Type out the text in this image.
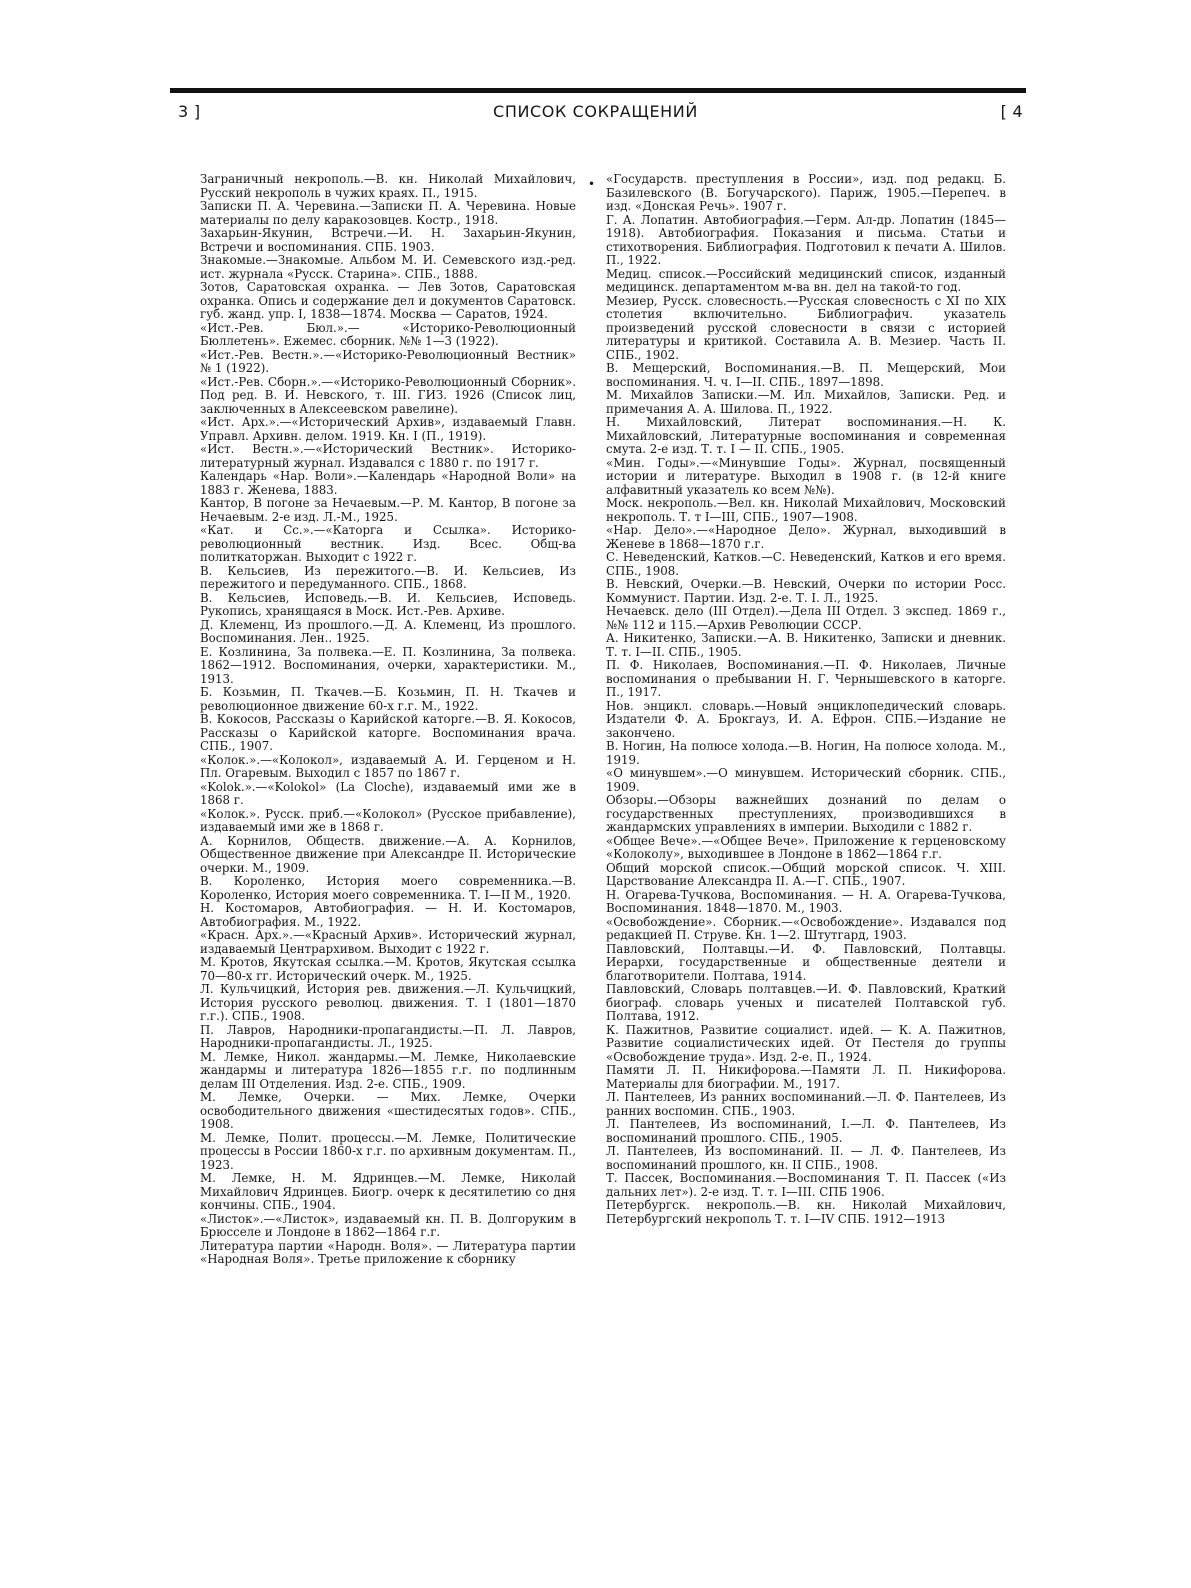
3 ]	СПИСОК СОКРАЩЕНИЙ	[ 4

Заграничный некрополь.—В. кн. Николай Михайлович, Русский некрополь в чужих краях. П., 1915.

Записки П. А. Черевина.—Записки П. А. Черевина. Новые материалы по делу каракозовцев. Костр., 1918.

Захарьин-Якунин, Встречи.—И. Н. Захарьин-Якунин, Встречи и воспоминания. СПБ. 1903.

Знакомые.—Знакомые. Альбом М. И. Семевского изд.-ред. ист. журнала «Русск. Старина». СПБ., 1888.

Зотов, Саратовская охранка. — Лев Зотов, Саратовская охранка. Опись и содержание дел и документов Саратовск. губ. жанд. упр. I, 1838—1874. Москва — Саратов, 1924.

«Ист.-Рев. Бюл.».— «Историко-Революционный Бюллетень». Ежемес. сборник. №№ 1—3 (1922).

«Ист.-Рев. Вестн.».—«Историко-Революционный Вестник» № 1 (1922).

«Ист.-Рев. Сборн.».—«Историко-Революционный Сборник». Под ред. В. И. Невского, т. III. ГИЗ. 1926 (Список лиц, заключенных в Алексеевском равелине).

«Ист. Арх.».—«Исторический Архив», издаваемый Главн. Управл. Архивн. делом. 1919. Кн. I (П., 1919).

«Ист. Вестн.».—«Исторический Вестник». Историко-литературный журнал. Издавался с 1880 г. по 1917 г.

Календарь «Нар. Воли».—Календарь «Народной Воли» на 1883 г. Женева, 1883.

Кантор, В погоне за Нечаевым.—Р. М. Кантор, В погоне за Нечаевым. 2-е изд. Л.-М., 1925.

«Кат. и Сс.».—«Каторга и Ссылка». Историко-революционный вестник. Изд. Всес. Общ-ва политкаторжан. Выходит с 1922 г.

В. Кельсиев, Из пережитого.—В. И. Кельсиев, Из пережитого и передуманного. СПБ., 1868.

В. Кельсиев, Исповедь.—В. И. Кельсиев, Исповедь. Рукопись, хранящаяся в Моск. Ист.-Рев. Архиве.

Д. Клеменц, Из прошлого.—Д. А. Клеменц, Из прошлого. Воспоминания. Лен.. 1925.

Е. Козлинина, За полвека.—Е. П. Козлинина, За полвека. 1862—1912. Воспоминания, очерки, характеристики. М., 1913.

Б. Козьмин, П. Ткачев.—Б. Козьмин, П. Н. Ткачев и революционное движение 60-х г.г. М., 1922.

В. Кокосов, Рассказы о Карийской каторге.—В. Я. Кокосов, Рассказы о Карийской каторге. Воспоминания врача. СПБ., 1907.

«Колок.».—«Колокол», издаваемый А. И. Герценом и Н. Пл. Огаревым. Выходил с 1857 по 1867 г.

«Kolok.».—«Kolokol» (La Cloche), издаваемый ими же в 1868 г.

«Колок.». Русск. приб.—«Колокол» (Русское прибавление), издаваемый ими же в 1868 г.

А. Корнилов, Обществ. движение.—А. А. Корнилов, Общественное движение при Александре II. Исторические очерки. М., 1909.

В. Короленко, История моего современника.—В. Короленко, История моего современника. Т. I—II М., 1920.

Н. Костомаров, Автобиография. — Н. И. Костомаров, Автобиография. М., 1922.

«Красн. Арх.».—«Красный Архив». Исторический журнал, издаваемый Центрархивом. Выходит с 1922 г.

М. Кротов, Якутская ссылка.—М. Кротов, Якутская ссылка 70—80-х гг. Исторический очерк. М., 1925.

Л. Кульчицкий, История рев. движения.—Л. Кульчицкий, История русского революц. движения. Т. I (1801—1870 г.г.). СПБ., 1908.

П. Лавров, Народники-пропагандисты.—П. Л. Лавров, Народники-пропагандисты. Л., 1925.

М. Лемке, Никол. жандармы.—М. Лемке, Николаевские жандармы и литература 1826—1855 г.г. по подлинным делам III Отделения. Изд. 2-е. СПБ., 1909.

М. Лемке, Очерки. — Мих. Лемке, Очерки освободительного движения «шестидесятых годов». СПБ., 1908.

М. Лемке, Полит. процессы.—М. Лемке, Политические процессы в России 1860-х г.г. по архивным документам. П., 1923.

М. Лемке, Н. М. Ядринцев.—М. Лемке, Николай Михайлович Ядринцев. Биогр. очерк к десятилетию со дня кончины. СПБ., 1904.

«Листок».—«Листок», издаваемый кн. П. В. Долгоруким в Брюсселе и Лондоне в 1862—1864 г.г.

Литература партии «Народн. Воля». — Литература партии «Народная Воля». Третье приложение к сборнику

• «Государств. преступления в России», изд. под редакц. Б. Базилевского (В. Богучарского). Париж, 1905.—Перепеч. в изд. «Донская Речь». 1907 г.

Г. А. Лопатин. Автобиография.—Герм. Ал-др. Лопатин (1845—1918). Автобиография. Показания и письма. Статьи и стихотворения. Библиография. Подготовил к печати А. Шилов. П., 1922.

Медиц. список.—Российский медицинский список, изданный медицинск. департаментом м-ва вн. дел на такой-то год.

Мезиер, Русск. словесность.—Русская словесность с XI по XIX столетия включительно. Библиографич. указатель произведений русской словесности в связи с историей литературы и критикой. Составила А. В. Мезиер. Часть II. СПБ., 1902.

В. Мещерский, Воспоминания.—В. П. Мещерский, Мои воспоминания. Ч. ч. I—II. СПБ., 1897—1898.

М. Михайлов Записки.—М. Ил. Михайлов, Записки. Ред. и примечания А. А. Шилова. П., 1922.

Н. Михайловский, Литерат воспоминания.—Н. К. Михайловский, Литературные воспоминания и современная смута. 2-е изд. Т. т. I — II. СПБ., 1905.

«Мин. Годы».—«Минувшие Годы». Журнал, посвященный истории и литературе. Выходил в 1908 г. (в 12-й книге алфавитный указатель ко всем №№).

Моск. некрополь.—Вел. кн. Николай Михайлович, Московский некрополь. Т. т I—III, СПБ., 1907—1908.

«Нар. Дело».—«Народное Дело». Журнал, выходивший в Женеве в 1868—1870 г.г.

С. Неведенский, Катков.—С. Неведенский, Катков и его время. СПБ., 1908.

В. Невский, Очерки.—В. Невский, Очерки по истории Росс. Коммунист. Партии. Изд. 2-е. Т. I. Л., 1925.

Нечаевск. дело (III Отдел).—Дела III Отдел. 3 экспед. 1869 г., №№ 112 и 115.—Архив Революции СССР.

А. Никитенко, Записки.—А. В. Никитенко, Записки и дневник. Т. т. I—II. СПБ., 1905.

П. Ф. Николаев, Воспоминания.—П. Ф. Николаев, Личные воспоминания о пребывании Н. Г. Чернышевского в каторге. П., 1917.

Нов. энцикл. словарь.—Новый энциклопедический словарь. Издатели Ф. А. Брокгауз, И. А. Ефрон. СПБ.—Издание не закончено.

В. Ногин, На полюсе холода.—В. Ногин, На полюсе холода. М., 1919.

«О минувшем».—О минувшем. Исторический сборник. СПБ., 1909.

Обзоры.—Обзоры важнейших дознаний по делам о государственных преступлениях, производившихся в жандармских управлениях в империи. Выходили с 1882 г.

«Общее Вече».—«Общее Вече». Приложение к герценовскому «Колоколу», выходившее в Лондоне в 1862—1864 г.г.

Общий морской список.—Общий морской список. Ч. XIII. Царствование Александра II. А.—Г. СПБ., 1907.

Н. Огарева-Тучкова, Воспоминания. — Н. А. Огарева-Тучкова, Воспоминания. 1848—1870. М., 1903.

«Освобождение». Сборник.—«Освобождение». Издавался под редакцией П. Струве. Кн. 1—2. Штутгард, 1903.

Павловский, Полтавцы.—И. Ф. Павловский, Полтавцы. Иерархи, государственные и общественные деятели и благотворители. Полтава, 1914.

Павловский, Словарь полтавцев.—И. Ф. Павловский, Краткий биограф. словарь ученых и писателей Полтавской губ. Полтава, 1912.

К. Пажитнов, Развитие социалист. идей. — К. А. Пажитнов, Развитие социалистических идей. От Пестеля до группы «Освобождение труда». Изд. 2-е. П., 1924.

Памяти Л. П. Никифорова.—Памяти Л. П. Никифорова. Материалы для биографии. М., 1917.

Л. Пантелеев, Из ранних воспоминаний.—Л. Ф. Пантелеев, Из ранних воспомин. СПБ., 1903.

Л. Пантелеев, Из воспоминаний, I.—Л. Ф. Пантелеев, Из воспоминаний прошлого. СПБ., 1905.

Л. Пантелеев, Из воспоминаний. II. — Л. Ф. Пантелеев, Из воспоминаний прошлого, кн. II СПБ., 1908.

Т. Пассек, Воспоминания.—Воспоминания Т. П. Пассек («Из дальних лет»). 2-е изд. Т. т. I—III. СПБ 1906.

Петербургск. некрополь.—В. кн. Николай Михайлович, Петербургский некрополь Т. т. I—IV СПБ. 1912—1913
